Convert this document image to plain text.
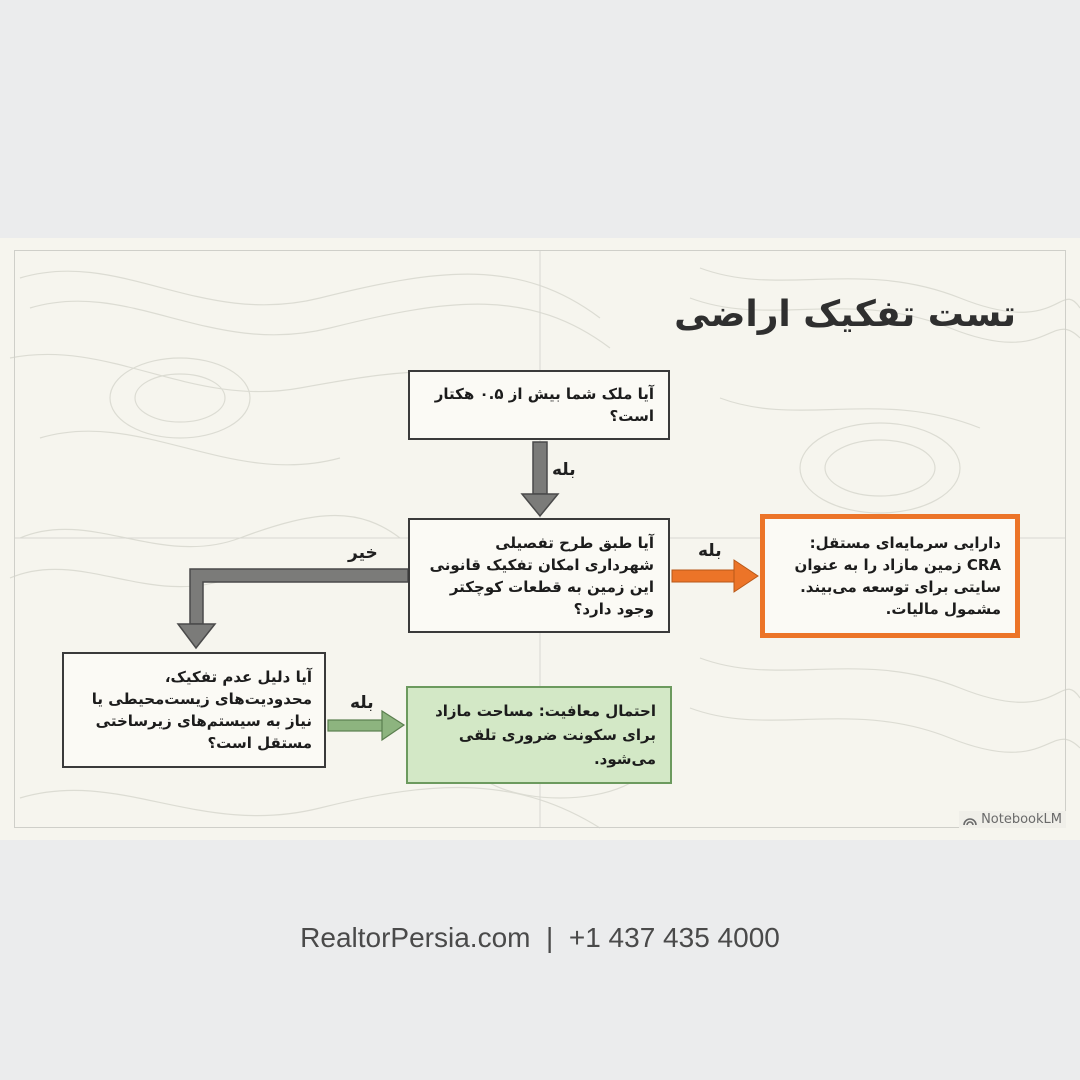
تست تفکیک اراضی
آیا ملک شما بیش از ۰.۵ هکتار است؟
آیا طبق طرح تفصیلی شهرداری امکان تفکیک قانونی این زمین به قطعات کوچکتر وجود دارد؟
آیا دلیل عدم تفکیک، محدودیت‌های زیست‌محیطی یا نیاز به سیستم‌های زیرساختی مستقل است؟
دارایی سرمایه‌ای مستقل: CRA زمین مازاد را به عنوان سایتی برای توسعه می‌بیند. مشمول مالیات.
احتمال معافیت: مساحت مازاد برای سکونت ضروری تلقی می‌شود.
بله
بله
خیر
بله
NotebookLM
RealtorPersia.com  |  +1 437 435 4000
